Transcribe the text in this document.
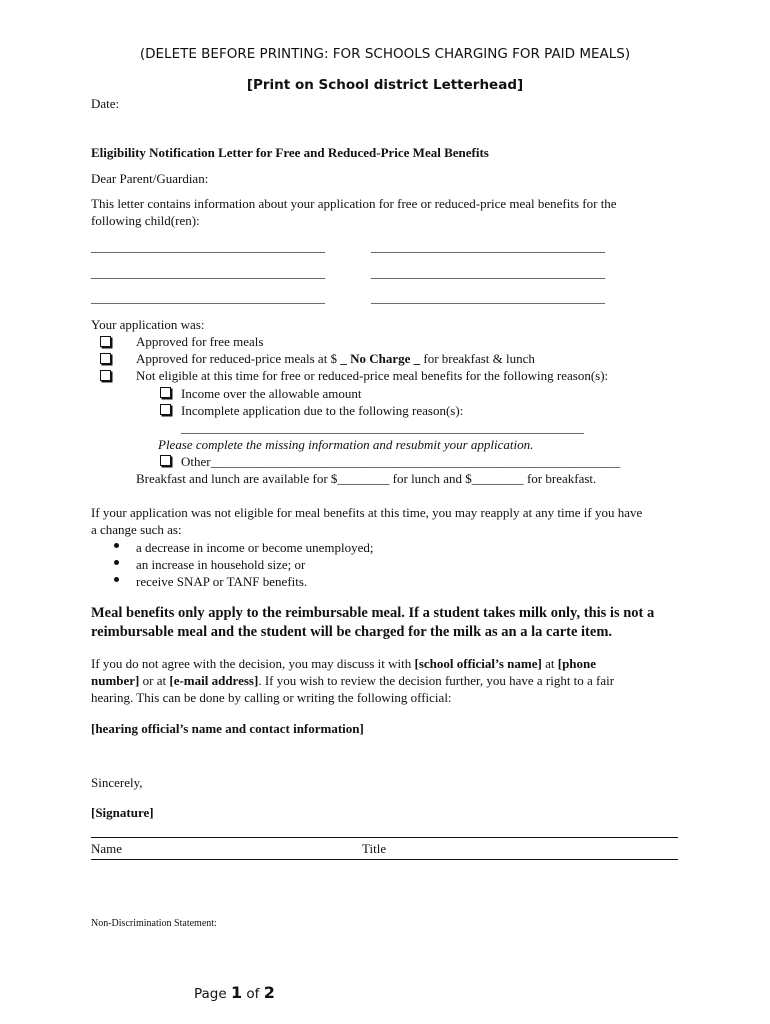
(DELETE BEFORE PRINTING: FOR SCHOOLS CHARGING FOR PAID MEALS)
[Print on School district Letterhead]
Date:
Eligibility Notification Letter for Free and Reduced-Price Meal Benefits
Dear Parent/Guardian:
This letter contains information about your application for free or reduced-price meal benefits for the
following child(ren):
____________________________________	____________________________________
____________________________________	____________________________________
____________________________________	____________________________________
Your application was:
Approved for free meals
Approved for reduced-price meals at $ _ No Charge _ for breakfast & lunch
Not eligible at this time for free or reduced-price meal benefits for the following reason(s):
Income over the allowable amount
Incomplete application due to the following reason(s):
______________________________________________________________
Please complete the missing information and resubmit your application.
Other_______________________________________________________________
Breakfast and lunch are available for $________ for lunch and $________ for breakfast.
If your application was not eligible for meal benefits at this time, you may reapply at any time if you have
a change such as:
a decrease in income or become unemployed;
an increase in household size; or
receive SNAP or TANF benefits.
Meal benefits only apply to the reimbursable meal. If a student takes milk only, this is not a
reimbursable meal and the student will be charged for the milk as an a la carte item.
If you do not agree with the decision, you may discuss it with [school official’s name] at [phone
number] or at [e-mail address]. If you wish to review the decision further, you have a right to a fair
hearing. This can be done by calling or writing the following official:
[hearing official’s name and contact information]
Sincerely,
[Signature]
Name	Title
Non-Discrimination Statement:
Page 1 of 2
